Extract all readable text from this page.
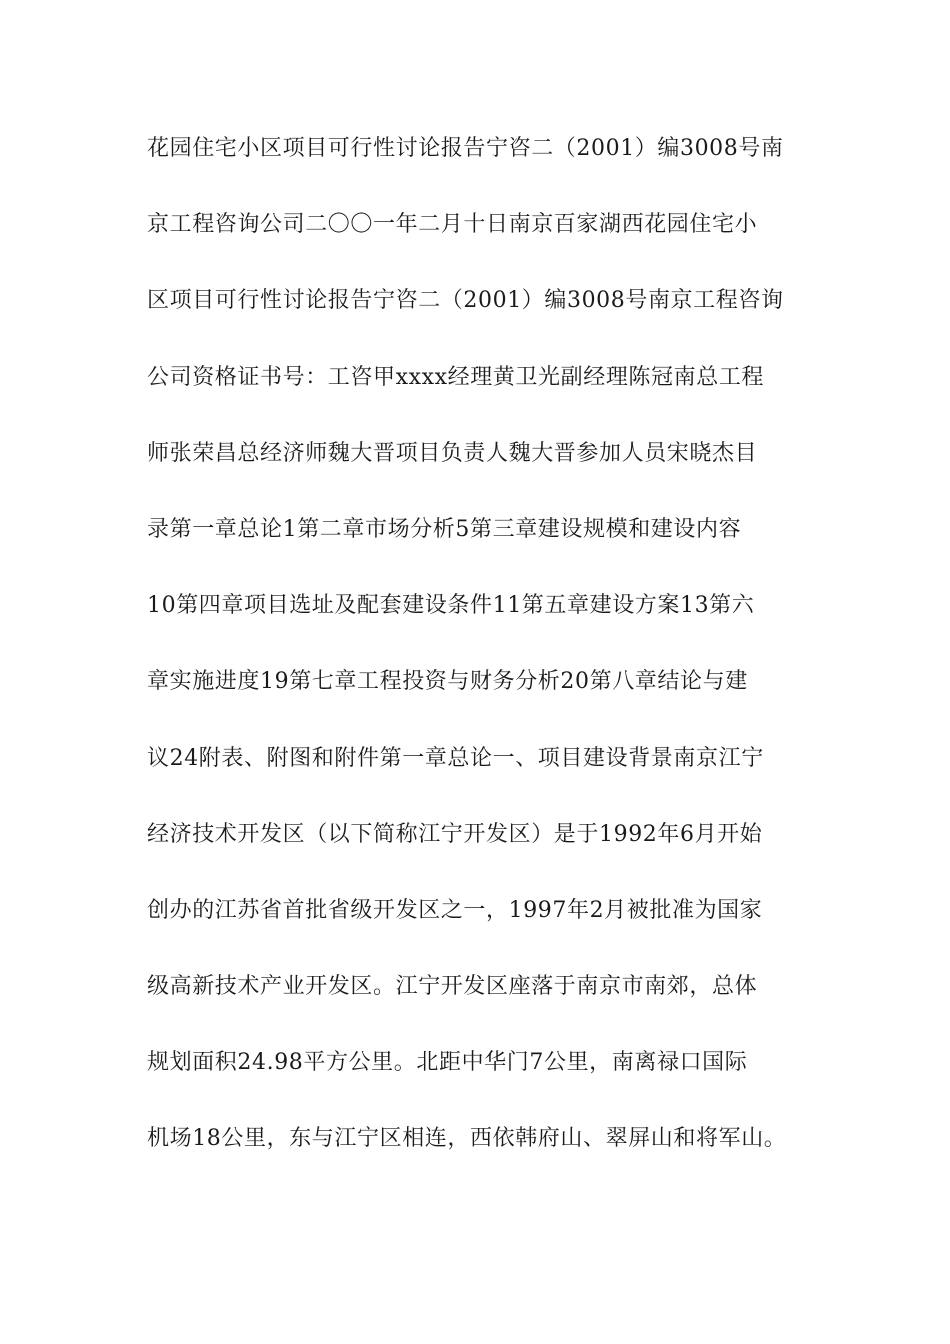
花园住宅小区项目可行性讨论报告宁咨二（2001）编3008号南
京工程咨询公司二〇〇一年二月十日南京百家湖西花园住宅小
区项目可行性讨论报告宁咨二（2001）编3008号南京工程咨询
公司资格证书号：工咨甲xxxx经理黄卫光副经理陈冠南总工程
师张荣昌总经济师魏大晋项目负责人魏大晋参加人员宋晓杰目
录第一章总论1第二章市场分析5第三章建设规模和建设内容
10第四章项目选址及配套建设条件11第五章建设方案13第六
章实施进度19第七章工程投资与财务分析20第八章结论与建
议24附表、附图和附件第一章总论一、项目建设背景南京江宁
经济技术开发区（以下简称江宁开发区）是于1992年6月开始
创办的江苏省首批省级开发区之一，1997年2月被批准为国家
级高新技术产业开发区。江宁开发区座落于南京市南郊，总体
规划面积24.98平方公里。北距中华门7公里，南离禄口国际
机场18公里，东与江宁区相连，西依韩府山、翠屏山和将军山。
